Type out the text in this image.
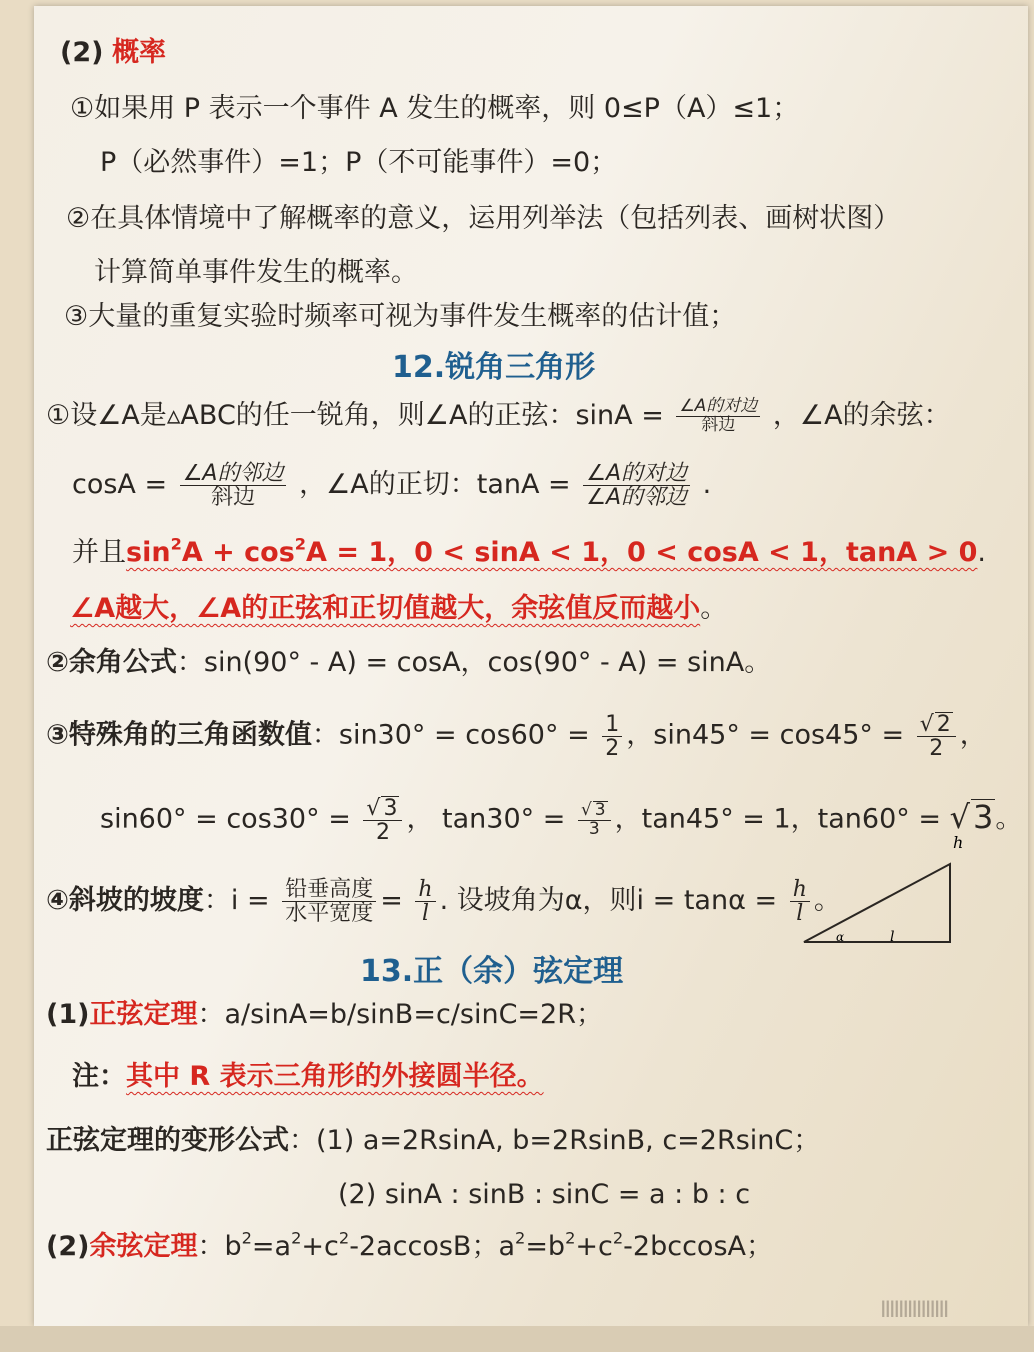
(2) 概率
①如果用 P 表示一个事件 A 发生的概率，则 0≤P（A）≤1；
P（必然事件）=1；P（不可能事件）=0；
②在具体情境中了解概率的意义，运用列举法（包括列表、画树状图）
计算简单事件发生的概率。
③大量的重复实验时频率可视为事件发生概率的估计值；
12.锐角三角形
①设∠A是▵ABC的任一锐角，则∠A的正弦：$\sin A = \frac{\text{∠A的对边}}{\text{斜边}}$ ，∠A的余弦：
$\cos A = \frac{\text{∠A的邻边}}{\text{斜边}}$ ，∠A的正切：$\tan A = \frac{\text{∠A的对边}}{\text{∠A的邻边}}$ .
并且$\sin^2A + \cos^2A = 1$，0 < sinA < 1，0 < cosA < 1，tanA > 0.
∠A越大，∠A的正弦和正切值越大，余弦值反而越小。
②余角公式：sin(90° - A) = cosA，cos(90° - A) = sinA。
③特殊角的三角函数值：$\sin 30^\circ = \cos 60^\circ = \frac{1}{2}$ ，$\sin 45^\circ = \cos 45^\circ = \frac{√ 2}{2}$ ，
$\sin 60^\circ = \cos 30^\circ = \frac{√ 3}{2}$ ， $\tan 30^\circ = \frac{√ 3}{3}$ ，tan45° = 1，tan60° = √3。
④斜坡的坡度：$i = \frac{\text{铅垂高度}}{\text{水平宽度}} = \frac{h}{l}$ . 设坡角为α，则$i = \tan\alpha = \frac{h}{l}$ 。
h
α	l
13.正（余）弦定理
(1)正弦定理：a/sinA=b/sinB=c/sinC=2R；
注：其中 R 表示三角形的外接圆半径。
正弦定理的变形公式：(1) a=2RsinA, b=2RsinB, c=2RsinC；
(2) sinA : sinB : sinC = a : b : c
(2)余弦定理：$b^2=a^2+c^2-2accosB$；$a^2=b^2+c^2-2bccosA$；
IIIIIIIIIIIIIII
